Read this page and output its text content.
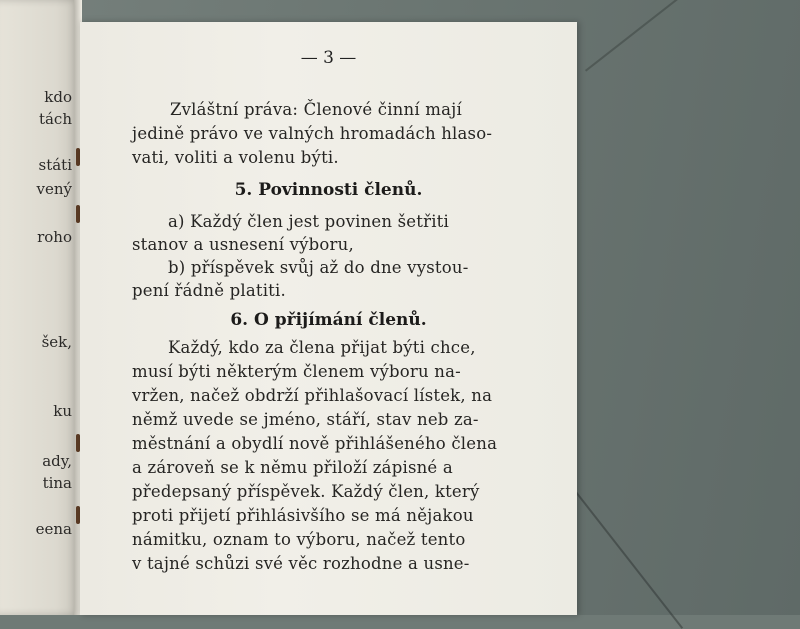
kdo
tách
státi
vený
roho
šek,
ku
ady,
tina
eena
— 3 —
Zvláštní práva: Členové činní mají
jedině právo ve valných hromadách hlaso-
vati, voliti a volenu býti.
5. Povinnosti členů.
a) Každý člen jest povinen šetřiti
stanov a usnesení výboru,
b) příspěvek svůj až do dne vystou-
pení řádně platiti.
6. O přijímání členů.
Každý, kdo za člena přijat býti chce,
musí býti některým členem výboru na-
vržen, načež obdrží přihlašovací lístek, na
němž uvede se jméno, stáří, stav neb za-
městnání a obydlí nově přihlášeného člena
a zároveň se k němu přiloží zápisné a
předepsaný příspěvek. Každý člen, který
proti přijetí přihlásivšího se má nějakou
námitku, oznam to výboru, načež tento
v tajné schůzi své věc rozhodne a usne-
